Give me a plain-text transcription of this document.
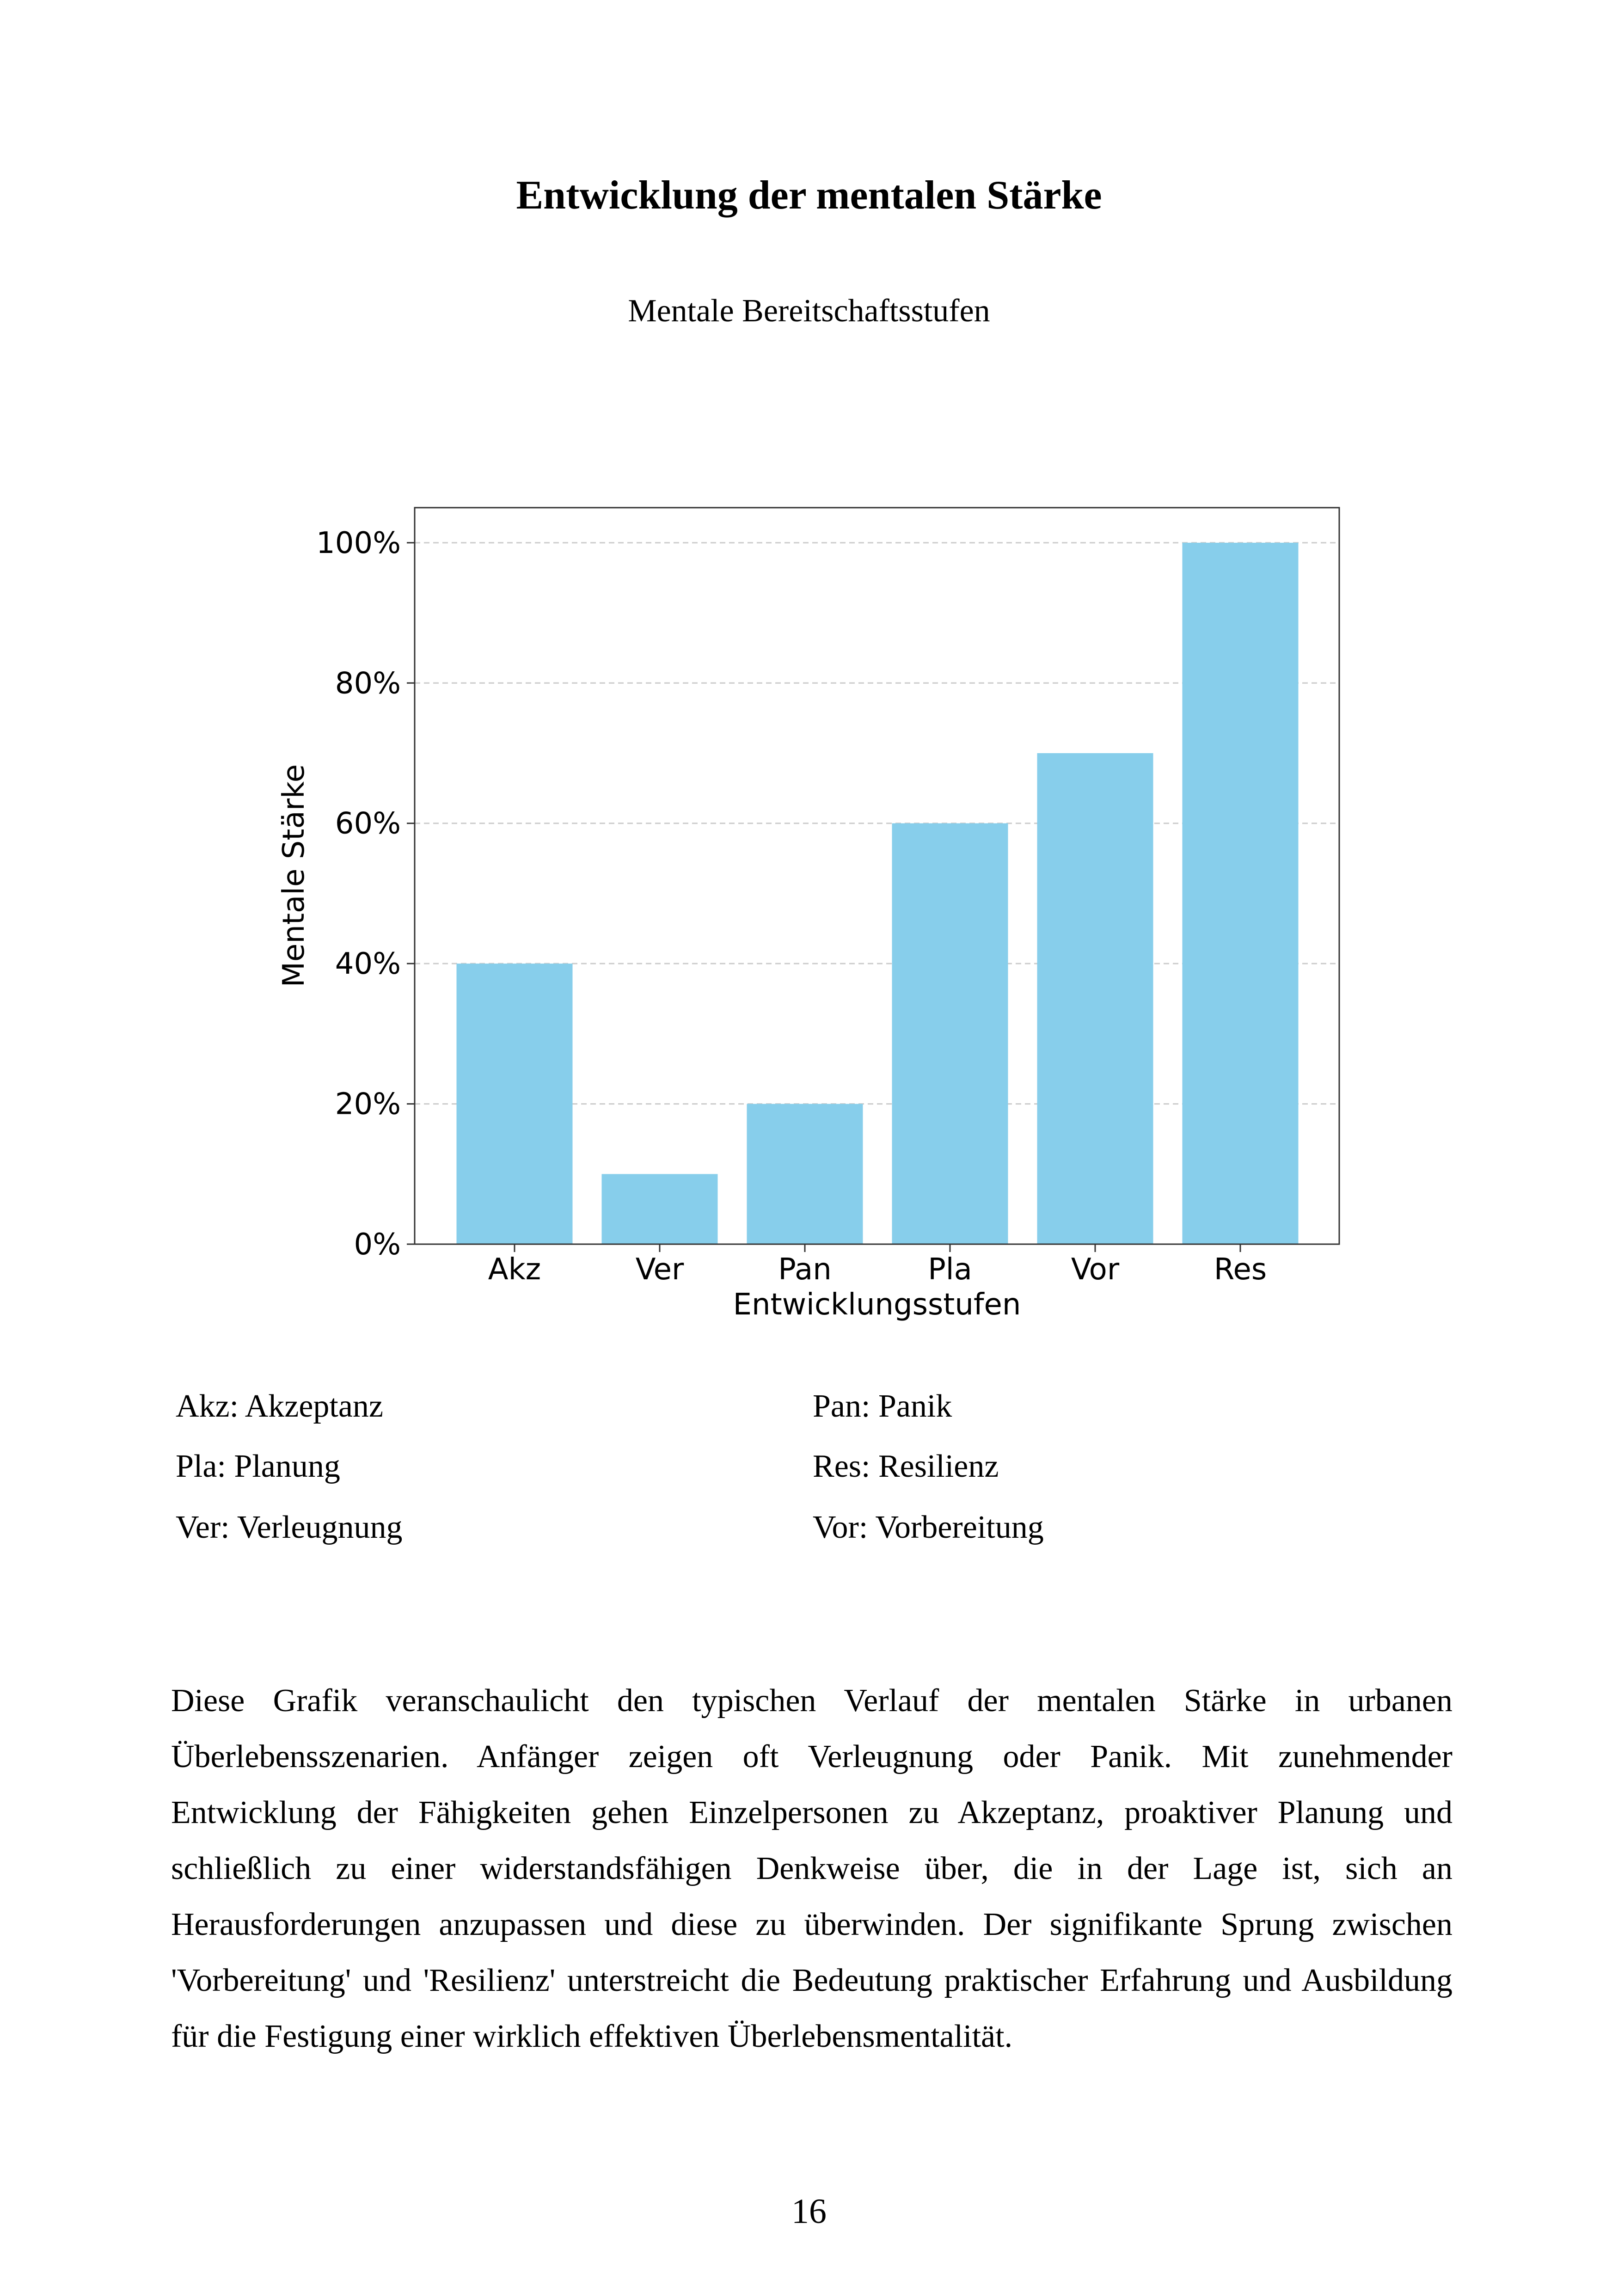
Entwicklung der mentalen Stärke
Mentale Bereitschaftsstufen
0%
20%
40%
60%
80%
100%
Akz	Ver	Pan	Pla	Vor	Res
Entwicklungsstufen
Mentale Stärke
Akz: Akzeptanz
Pla: Planung
Ver: Verleugnung
Pan: Panik
Res: Resilienz
Vor: Vorbereitung

Diese Grafik veranschaulicht den typischen Verlauf der mentalen Stärke in urbanen Überlebensszenarien. Anfänger zeigen oft Verleugnung oder Panik. Mit zunehmender Entwicklung der Fähigkeiten gehen Einzelpersonen zu Akzeptanz, proaktiver Planung und schließlich zu einer widerstandsfähigen Denkweise über, die in der Lage ist, sich an Herausforderungen anzupassen und diese zu überwinden. Der signifikante Sprung zwischen 'Vorbereitung' und 'Resilienz' unterstreicht die Bedeutung praktischer Erfahrung und Ausbildung für die Festigung einer wirklich effektiven Überlebensmentalität.

16
